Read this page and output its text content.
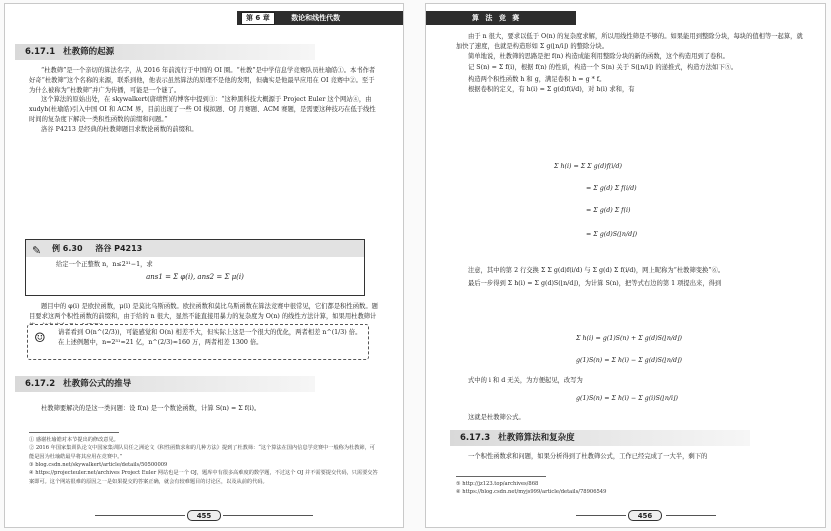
第 6 章	数论和线性代数
6.17.1 杜教筛的起源

“杜教筛”是一个亲切的算法名字，从 2016 年前流行于中国的 OI 圈。“杜教”是中学信息学竞赛队员杜瑜皓①。本书作者好奇“杜教筛”这个名称的来源，联系到他，他表示虽然算法的原理不是他的发明，但确实是他最早应用在 OI 竞赛中②。至于为什么被称为“杜教筛”并广为传播，可能是一个谜了。

这个算法的原始出处，在 skywalkert(唐靖哲)的博客中提到③：“这种黑科技大概源于 Project Euler 这个网站④，由 xudyh(杜瑜皓)引入中国 OI 和 ACM 界，目前出现了一些 OI 模拟题、OJ 月赛题、ACM 赛题，是需要这种技巧在低于线性时间的复杂度下解决一类积性函数的前缀和问题。”

洛谷 P4213 是经典的杜教筛题目求数论函数的前缀和。

✎ 例 6.30 洛谷 P4213
给定一个正整数 n，n≤2³¹−1，求
ans1 = Σ φ(i), ans2 = Σ μ(i)

题目中的 φ(i) 是欧拉函数，μ(i) 是莫比乌斯函数。欧拉函数和莫比乌斯函数在算法竞赛中很常见，它们都是积性函数。题目要求这两个积性函数的前缀和，由于给的 n 很大，显然不能直接用暴力的复杂度为 O(n) 的线性方法计算，如果用杜教筛计

☺ 请者看到 O(n^(2/3))，可能感觉和 O(n) 相差不大，但实际上这是一个很大的优化，两者相差 n^(1/3) 倍。在上述例题中，n=2³¹≈21 亿，n^(2/3)≈160 万，两者相差 1300 倍。
6.17.2 杜教筛公式的推导

杜教筛要解决的是这一类问题：设 f(n) 是一个数论函数，计算 S(n) = Σ f(i)。

① 感谢杜瑜皓对本节提出的修改意见。
② 2016 年国家集训队论文中国家集训队员任之洲论文《积性函数求和的几种方法》提到了杜教筛：“这个算法在国内信息学竞赛中一般称为杜教筛，可能是因为杜瑜皓最早将其应用在竞赛中。”
③ blog.csdn.net/skywalkert/article/details/50500009
④ https://projecteuler.net/archives Project Euler 网站也是一个 OJ，题库中有很多高难度的数学题，不过这个 OJ 并不需要提交代码，只需要交答案即可。这个网站很难的原因之一是如果提交的答案正确，就会有较难题目的讨论区，以及从前的代码。
455
算 法 竞 赛

由于 n 很大，要求以低于 O(n) 的复杂度求解，所以用线性筛是不够的。如果能用到整除分块，每块的值相等一起算，就加快了速度，也就是构造形如 Σ g(⌊n/i⌋) 的整除分块。

简单地说，杜教筛的思路是把 f(n) 构造成能利用整除分块的新的函数，这个构造用到了卷积。

记 S(n) = Σ f(i)，根据 f(n) 的性质，构造一个 S(n) 关于 S(⌊n/i⌋) 的递推式，构造方法如下⑤。

构造两个积性函数 h 和 g，满足卷积 h = g * f。

根据卷积的定义，有 h(i) = Σ g(d)f(i/d)，对 h(i) 求和，有

Σ h(i) = Σ Σ g(d)f(i/d)
= Σ g(d) Σ f(i/d)
= Σ g(d) Σ f(i)
= Σ g(d)S(⌊n/d⌋)

注意，其中的第 2 行交换 Σ Σ g(d)f(i/d) 与 Σ g(d) Σ f(i/d)，网上昵称为“杜教筛变换”⑥。

最后一步得到 Σ h(i) = Σ g(d)S(⌊n/d⌋)，为计算 S(n)，把等式右边的第 1 项提出来，得到

Σ h(i) = g(1)S(n) + Σ g(d)S(⌊n/d⌋)
g(1)S(n) = Σ h(i) − Σ g(d)S(⌊n/d⌋)

式中的 i 和 d 无关，为方便起见，改写为

g(1)S(n) = Σ h(i) − Σ g(i)S(⌊n/i⌋)

这就是杜教筛公式。

6.17.3 杜教筛算法和复杂度

一个积性函数求和问题，如果分析得到了杜教筛公式，工作已经完成了一大半，剩下的

⑤ http://jz123.top/archives/868
⑥ https://blog.csdn.net/myjs999/article/details/78906549
456
